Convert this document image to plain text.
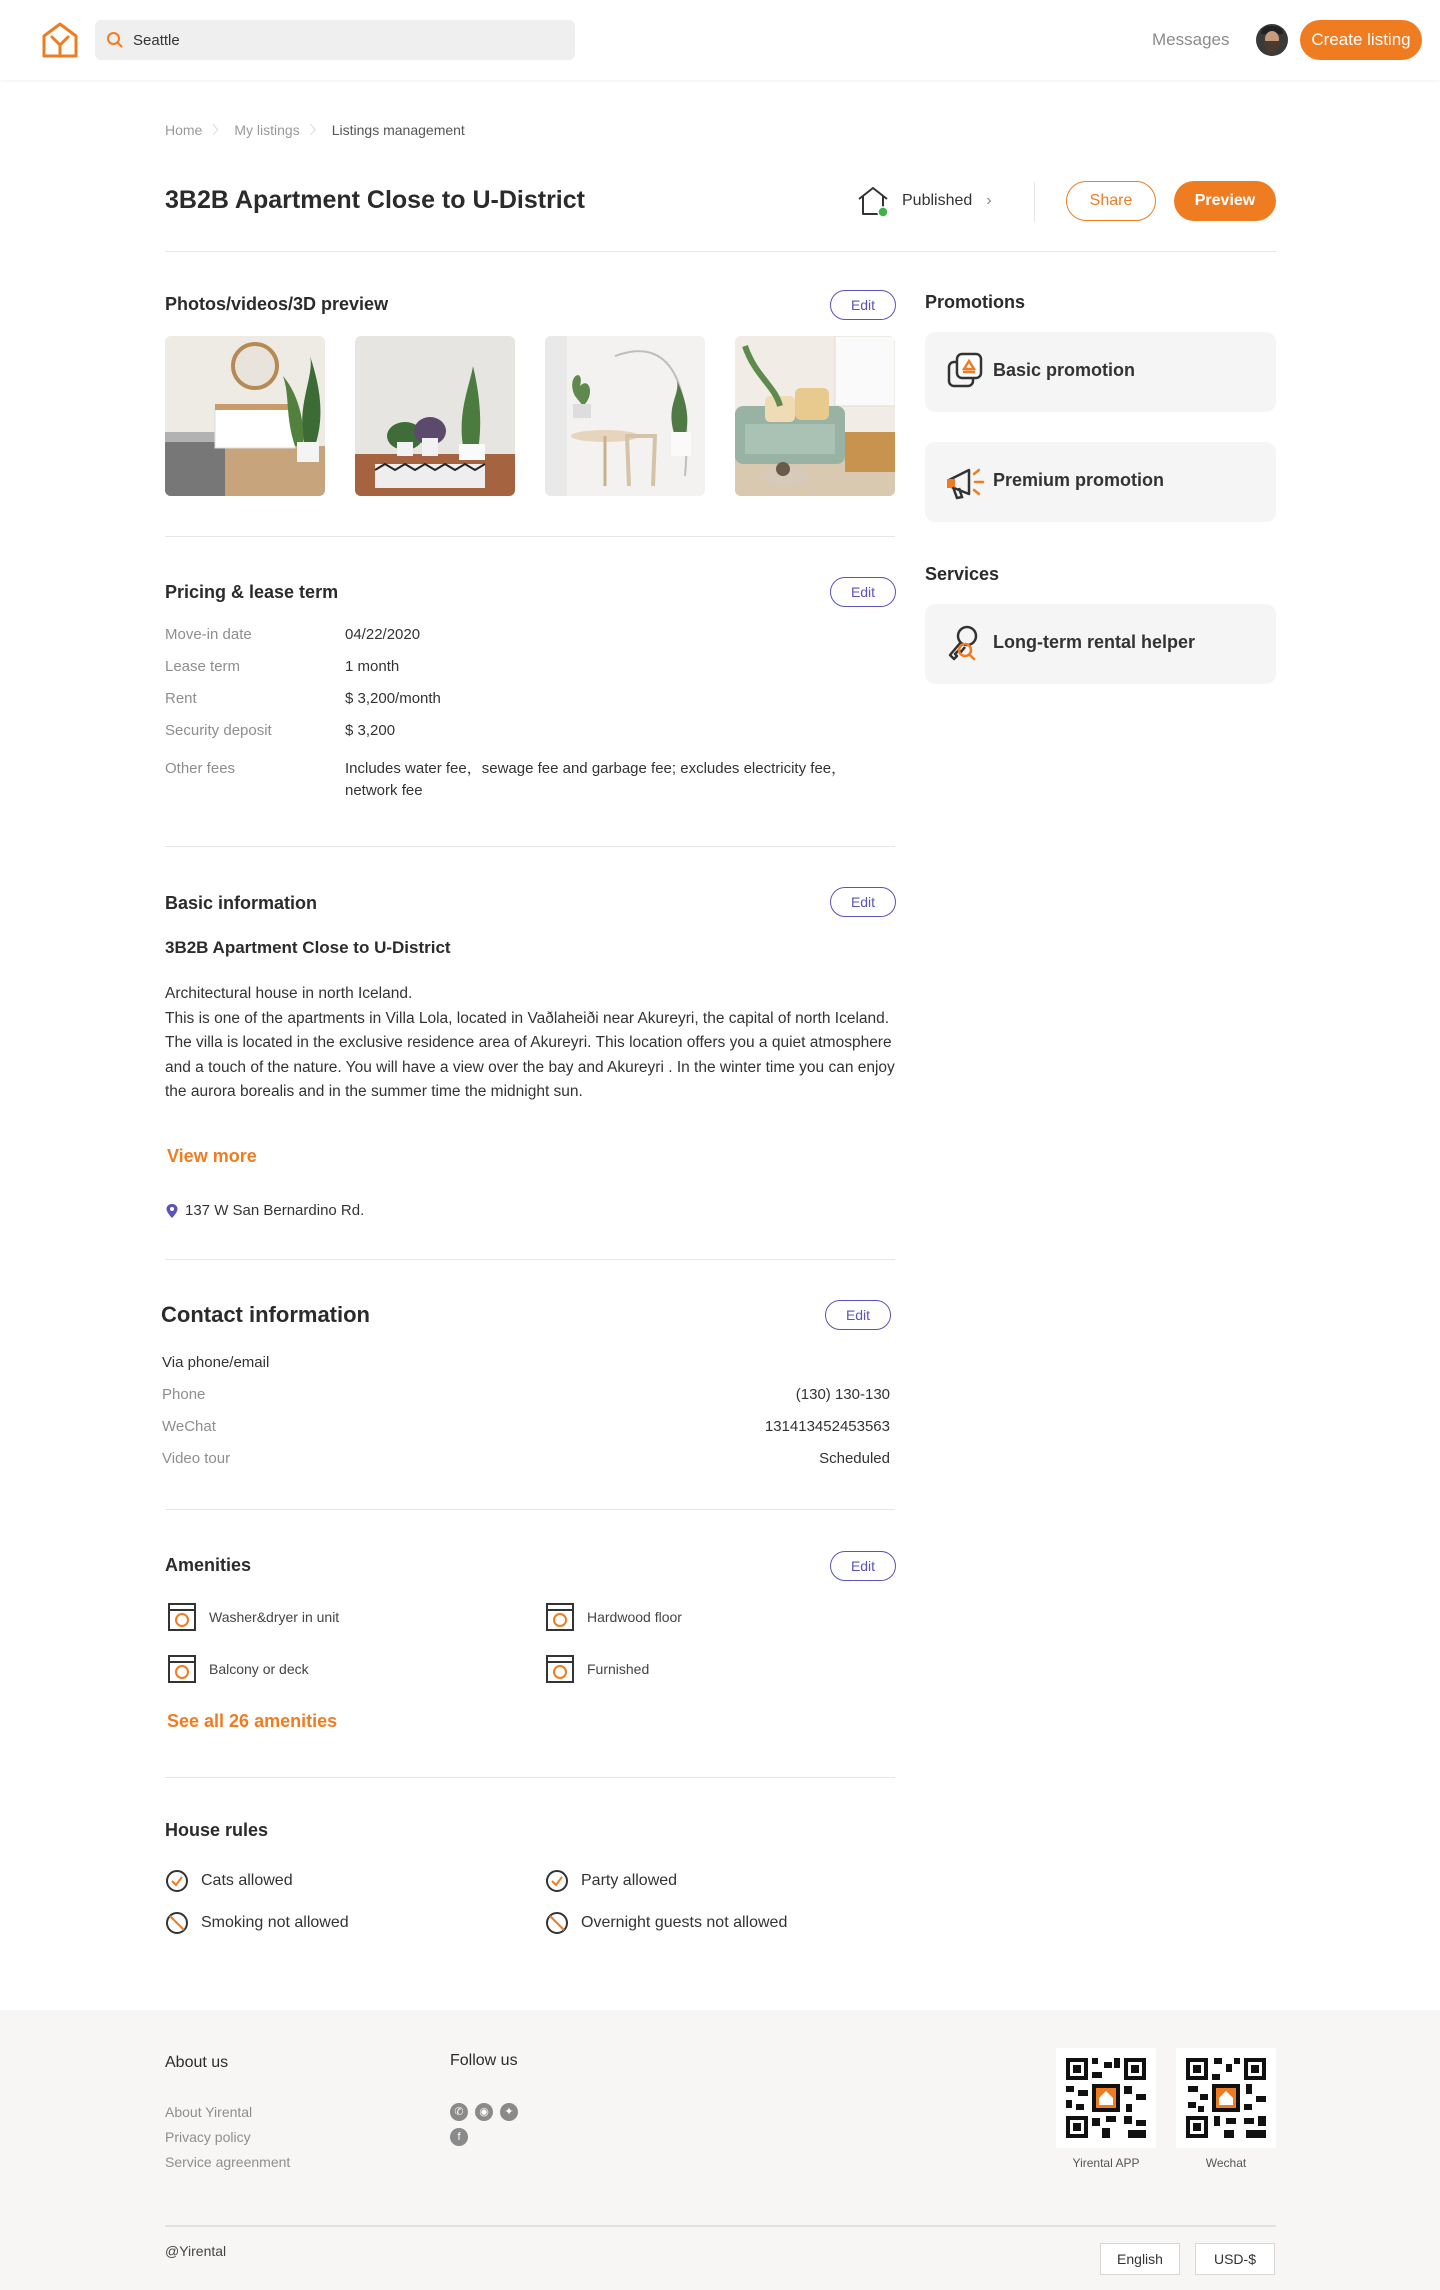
Seattle
Messages	Create listing
Home 〉 My listings 〉 Listings management
3B2B Apartment Close to U-District	Published ›	Share	Preview
Photos/videos/3D preview	Edit
Pricing & lease term	Edit
Move-in date	04/22/2020
Lease term	1 month
Rent	$ 3,200/month
Security deposit	$ 3,200
Other fees	Includes water fee，sewage fee and garbage fee; excludes electricity fee，network fee
Basic information	Edit
3B2B Apartment Close to U-District
Architectural house in north Iceland.
This is one of the apartments in Villa Lola, located in Vaðlaheiði near Akureyri, the capital of north Iceland.
The villa is located in the exclusive residence area of Akureyri. This location offers you a quiet atmosphere and a touch of the nature. You will have a view over the bay and Akureyri . In the winter time you can enjoy the aurora borealis and in the summer time the midnight sun.
View more
137 W San Bernardino Rd.
Contact information	Edit
Via phone/email
Phone	(130) 130-130
WeChat	131413452453563
Video tour	Scheduled
Amenities	Edit
Washer&dryer in unit	Hardwood floor
Balcony or deck	Furnished
See all 26 amenities
House rules
Cats allowed	Party allowed
Smoking not allowed	Overnight guests not allowed
Promotions
Basic promotion
Premium promotion
Services
Long-term rental helper
About us
About Yirental
Privacy policy
Service agreenment
Follow us
✆	◉	✦
f
Yirental APP	Wechat
@Yirental	English	USD-$
